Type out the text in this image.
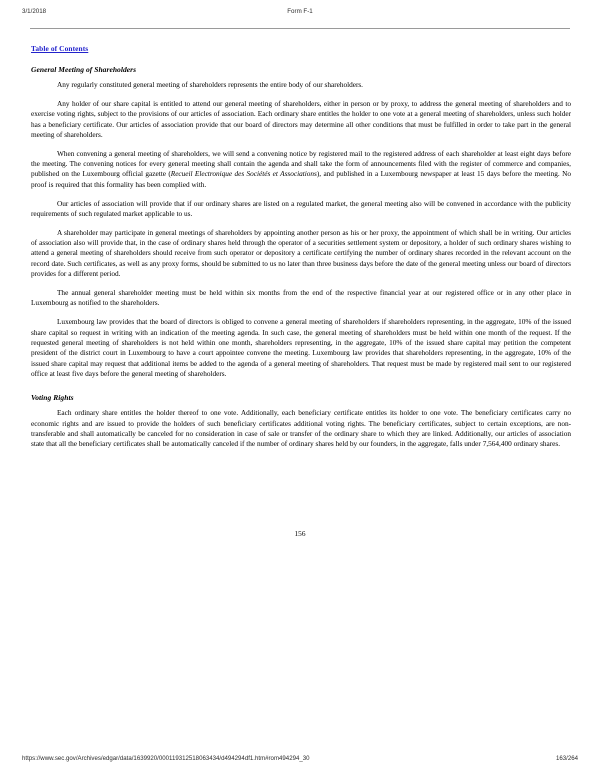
3/1/2018	Form F-1
Table of Contents
General Meeting of Shareholders

Any regularly constituted general meeting of shareholders represents the entire body of our shareholders.

Any holder of our share capital is entitled to attend our general meeting of shareholders, either in person or by proxy, to address the general meeting of shareholders and to exercise voting rights, subject to the provisions of our articles of association. Each ordinary share entitles the holder to one vote at a general meeting of shareholders, unless such holder has a beneficiary certificate. Our articles of association provide that our board of directors may determine all other conditions that must be fulfilled in order to take part in the general meeting of shareholders.

When convening a general meeting of shareholders, we will send a convening notice by registered mail to the registered address of each shareholder at least eight days before the meeting. The convening notices for every general meeting shall contain the agenda and shall take the form of announcements filed with the register of commerce and companies, published on the Luxembourg official gazette (Recueil Electronique des Sociétés et Associations), and published in a Luxembourg newspaper at least 15 days before the meeting. No proof is required that this formality has been complied with.

Our articles of association will provide that if our ordinary shares are listed on a regulated market, the general meeting also will be convened in accordance with the publicity requirements of such regulated market applicable to us.

A shareholder may participate in general meetings of shareholders by appointing another person as his or her proxy, the appointment of which shall be in writing. Our articles of association also will provide that, in the case of ordinary shares held through the operator of a securities settlement system or depository, a holder of such ordinary shares wishing to attend a general meeting of shareholders should receive from such operator or depository a certificate certifying the number of ordinary shares recorded in the relevant account on the record date. Such certificates, as well as any proxy forms, should be submitted to us no later than three business days before the date of the general meeting unless our board of directors provides for a different period.

The annual general shareholder meeting must be held within six months from the end of the respective financial year at our registered office or in any other place in Luxembourg as notified to the shareholders.

Luxembourg law provides that the board of directors is obliged to convene a general meeting of shareholders if shareholders representing, in the aggregate, 10% of the issued share capital so request in writing with an indication of the meeting agenda. In such case, the general meeting of shareholders must be held within one month of the request. If the requested general meeting of shareholders is not held within one month, shareholders representing, in the aggregate, 10% of the issued share capital may petition the competent president of the district court in Luxembourg to have a court appointee convene the meeting. Luxembourg law provides that shareholders representing, in the aggregate, 10% of the issued share capital may request that additional items be added to the agenda of a general meeting of shareholders. That request must be made by registered mail sent to our registered office at least five days before the general meeting of shareholders.

Voting Rights

Each ordinary share entitles the holder thereof to one vote. Additionally, each beneficiary certificate entitles its holder to one vote. The beneficiary certificates carry no economic rights and are issued to provide the holders of such beneficiary certificates additional voting rights. The beneficiary certificates, subject to certain exceptions, are non-transferable and shall automatically be canceled for no consideration in case of sale or transfer of the ordinary share to which they are linked. Additionally, our articles of association state that all the beneficiary certificates shall be automatically canceled if the number of ordinary shares held by our founders, in the aggregate, falls under 7,564,400 ordinary shares.

156
https://www.sec.gov/Archives/edgar/data/1639920/000119312518063434/d494294df1.htm#rom494294_30	163/264
